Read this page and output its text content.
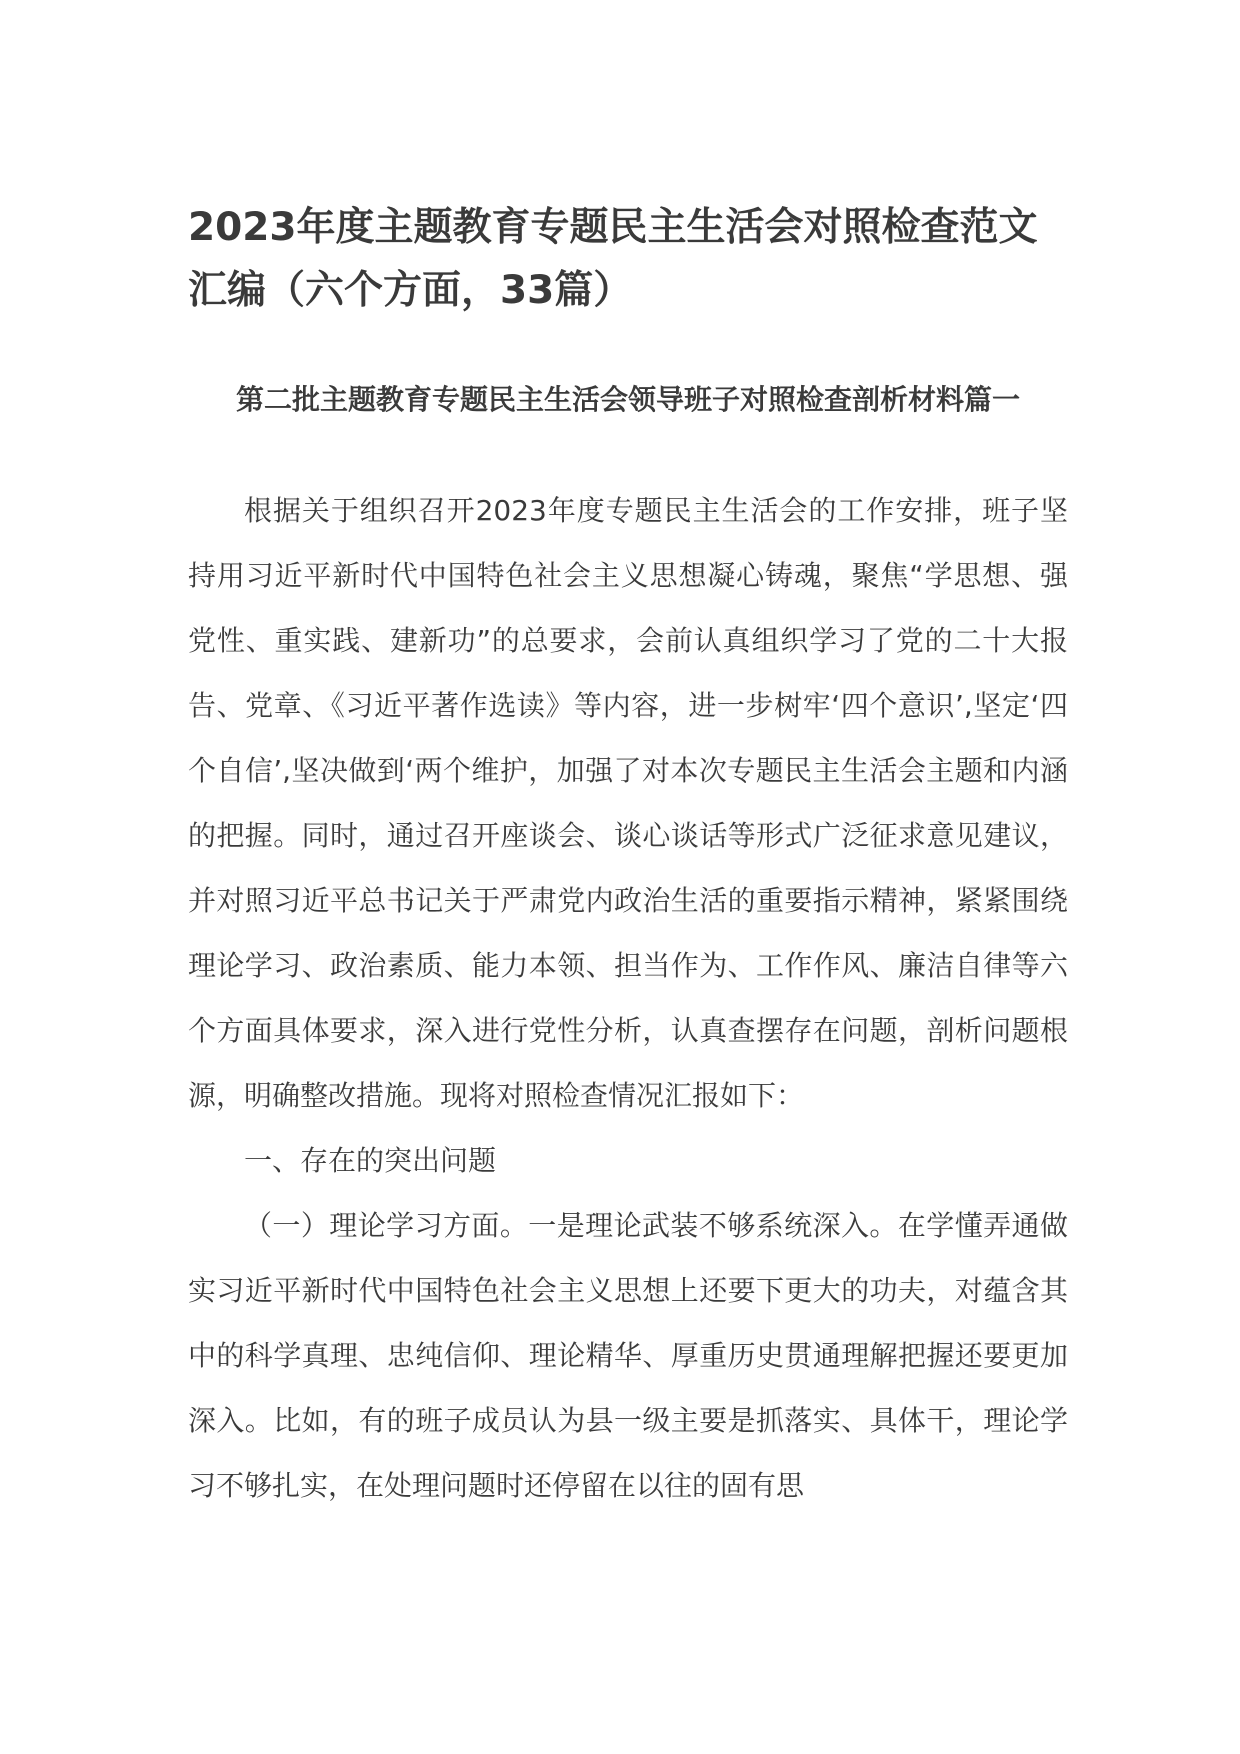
2023年度主题教育专题民主生活会对照检查范文汇编（六个方面，33篇）
第二批主题教育专题民主生活会领导班子对照检查剖析材料篇一

根据关于组织召开2023年度专题民主生活会的工作安排，班子坚持用习近平新时代中国特色社会主义思想凝心铸魂，聚焦“学思想、强党性、重实践、建新功”的总要求，会前认真组织学习了党的二十大报告、党章、《习近平著作选读》等内容，进一步树牢‘四个意识’,坚定‘四个自信’,坚决做到‘两个维护，加强了对本次专题民主生活会主题和内涵的把握。同时，通过召开座谈会、谈心谈话等形式广泛征求意见建议，并对照习近平总书记关于严肃党内政治生活的重要指示精神，紧紧围绕理论学习、政治素质、能力本领、担当作为、工作作风、廉洁自律等六个方面具体要求，深入进行党性分析，认真查摆存在问题，剖析问题根源，明确整改措施。现将对照检查情况汇报如下：

一、存在的突出问题

（一）理论学习方面。一是理论武装不够系统深入。在学懂弄通做实习近平新时代中国特色社会主义思想上还要下更大的功夫，对蕴含其中的科学真理、忠纯信仰、理论精华、厚重历史贯通理解把握还要更加深入。比如，有的班子成员认为县一级主要是抓落实、具体干，理论学习不够扎实，在处理问题时还停留在以往的固有思
